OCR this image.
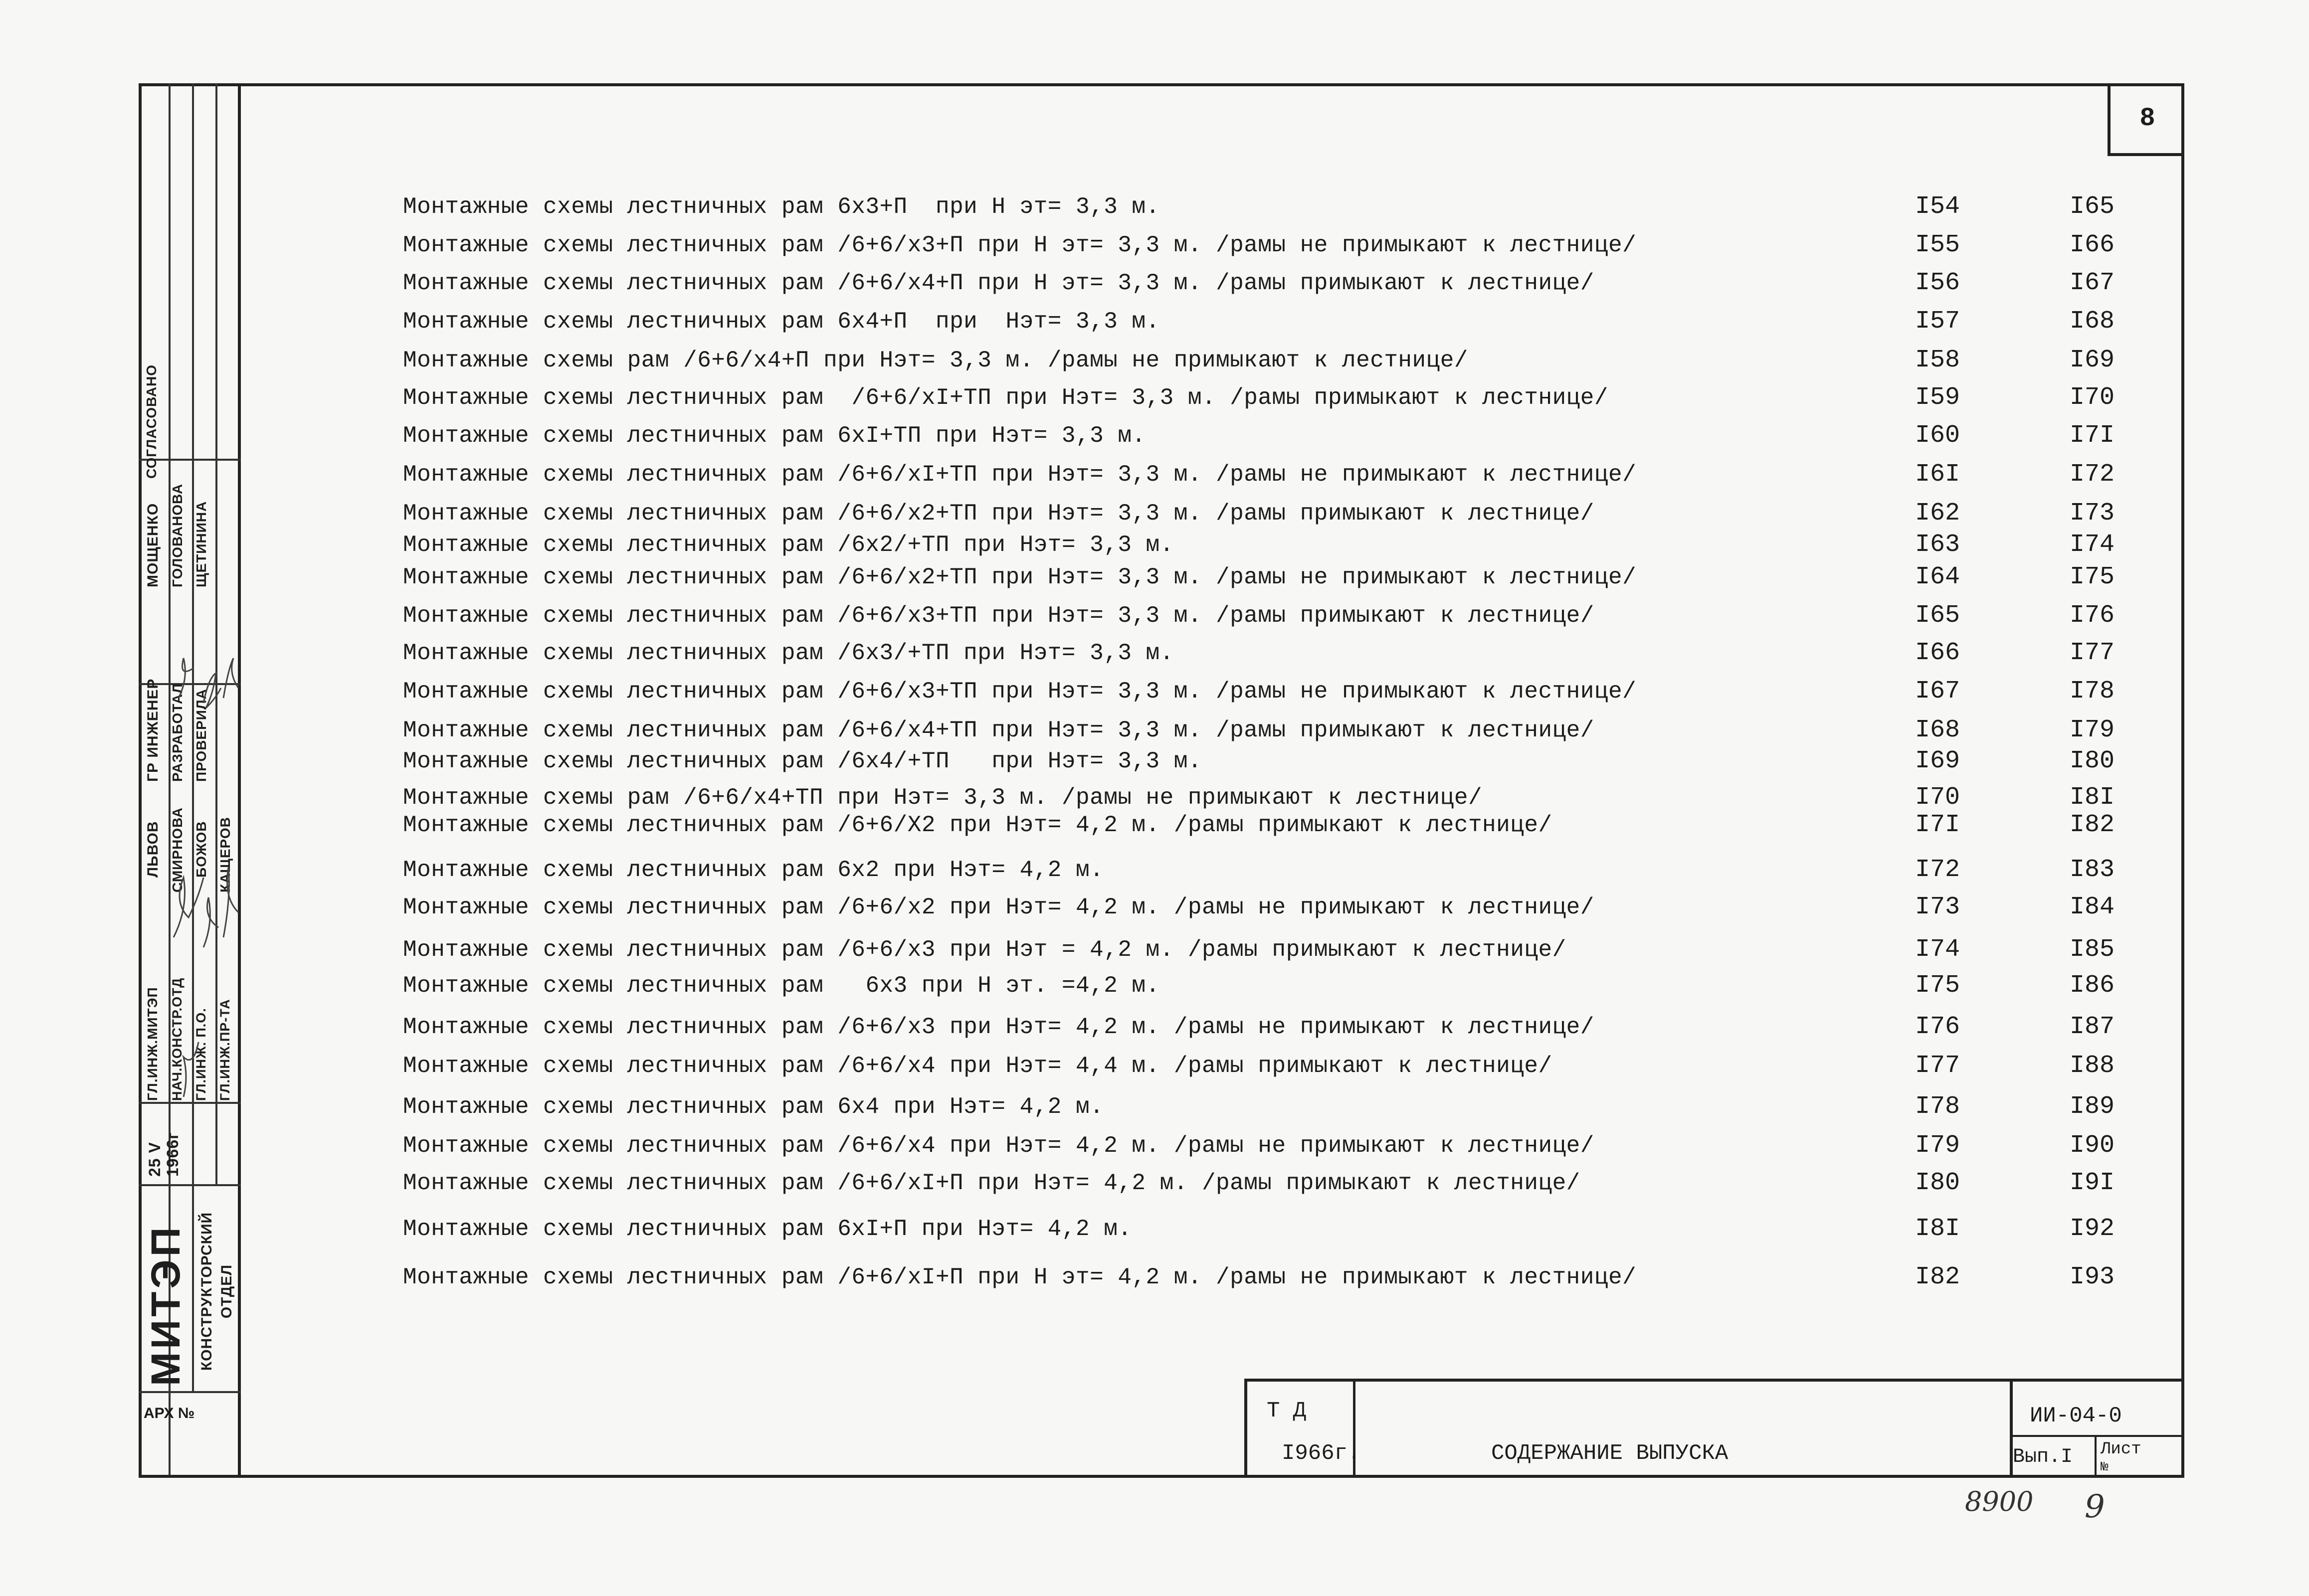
СОГЛАСОВАНО
МОЩЕНКО ГОЛОВАНОВА ЩЕТИНИНА
ГР ИНЖЕНЕР РАЗРАБОТАЛ ПРОВЕРИЛА
ЛЬВОВ СМИРНОВА БОЖОВ КАЩЕРОВ
ГЛ.ИНЖ.МИТЭП НАЧ.КОНСТР.ОТД ГЛ.ИНЖ. П.О. ГЛ.ИНЖ.ПР-ТА
25 V 1966г
МИТЭП КОНСТРУКТОРСКИЙ ОТДЕЛ
АРХ №
8
Монтажные схемы лестничных рам 6х3+П  при Н эт= 3,3 м.	I54	I65
Монтажные схемы лестничных рам /6+6/х3+П при Н эт= 3,3 м. /рамы не примыкают к лестнице/	I55	I66
Монтажные схемы лестничных рам /6+6/х4+П при Н эт= 3,3 м. /рамы примыкают к лестнице/	I56	I67
Монтажные схемы лестничных рам 6х4+П  при  Нэт= 3,3 м.	I57	I68
Монтажные схемы рам /6+6/х4+П при Нэт= 3,3 м. /рамы не примыкают к лестнице/	I58	I69
Монтажные схемы лестничных рам  /6+6/хI+ТП при Нэт= 3,3 м. /рамы примыкают к лестнице/	I59	I70
Монтажные схемы лестничных рам 6хI+ТП при Нэт= 3,3 м.	I60	I7I
Монтажные схемы лестничных рам /6+6/хI+ТП при Нэт= 3,3 м. /рамы не примыкают к лестнице/	I6I	I72
Монтажные схемы лестничных рам /6+6/х2+ТП при Нэт= 3,3 м. /рамы примыкают к лестнице/	I62	I73
Монтажные схемы лестничных рам /6х2/+ТП при Нэт= 3,3 м.	I63	I74
Монтажные схемы лестничных рам /6+6/х2+ТП при Нэт= 3,3 м. /рамы не примыкают к лестнице/	I64	I75
Монтажные схемы лестничных рам /6+6/х3+ТП при Нэт= 3,3 м. /рамы примыкают к лестнице/	I65	I76
Монтажные схемы лестничных рам /6х3/+ТП при Нэт= 3,3 м.	I66	I77
Монтажные схемы лестничных рам /6+6/х3+ТП при Нэт= 3,3 м. /рамы не примыкают к лестнице/	I67	I78
Монтажные схемы лестничных рам /6+6/х4+ТП при Нэт= 3,3 м. /рамы примыкают к лестнице/	I68	I79
Монтажные схемы лестничных рам /6х4/+ТП   при Нэт= 3,3 м.	I69	I80
Монтажные схемы рам /6+6/х4+ТП при Нэт= 3,3 м. /рамы не примыкают к лестнице/	I70	I8I
Монтажные схемы лестничных рам /6+6/Х2 при Нэт= 4,2 м. /рамы примыкают к лестнице/	I7I	I82
Монтажные схемы лестничных рам 6х2 при Нэт= 4,2 м.	I72	I83
Монтажные схемы лестничных рам /6+6/х2 при Нэт= 4,2 м. /рамы не примыкают к лестнице/	I73	I84
Монтажные схемы лестничных рам /6+6/х3 при Нэт = 4,2 м. /рамы примыкают к лестнице/	I74	I85
Монтажные схемы лестничных рам   6х3 при Н эт. =4,2 м.	I75	I86
Монтажные схемы лестничных рам /6+6/х3 при Нэт= 4,2 м. /рамы не примыкают к лестнице/	I76	I87
Монтажные схемы лестничных рам /6+6/х4 при Нэт= 4,4 м. /рамы примыкают к лестнице/	I77	I88
Монтажные схемы лестничных рам 6х4 при Нэт= 4,2 м.	I78	I89
Монтажные схемы лестничных рам /6+6/х4 при Нэт= 4,2 м. /рамы не примыкают к лестнице/	I79	I90
Монтажные схемы лестничных рам /6+6/хI+П при Нэт= 4,2 м. /рамы примыкают к лестнице/	I80	I9I
Монтажные схемы лестничных рам 6хI+П при Нэт= 4,2 м.	I8I	I92
Монтажные схемы лестничных рам /6+6/хI+П при Н эт= 4,2 м. /рамы не примыкают к лестнице/	I82	I93
Т Д
I966г.	СОДЕРЖАНИЕ ВЫПУСКА
ИИ-04-0
Вып.I Лист
№
8900 9
